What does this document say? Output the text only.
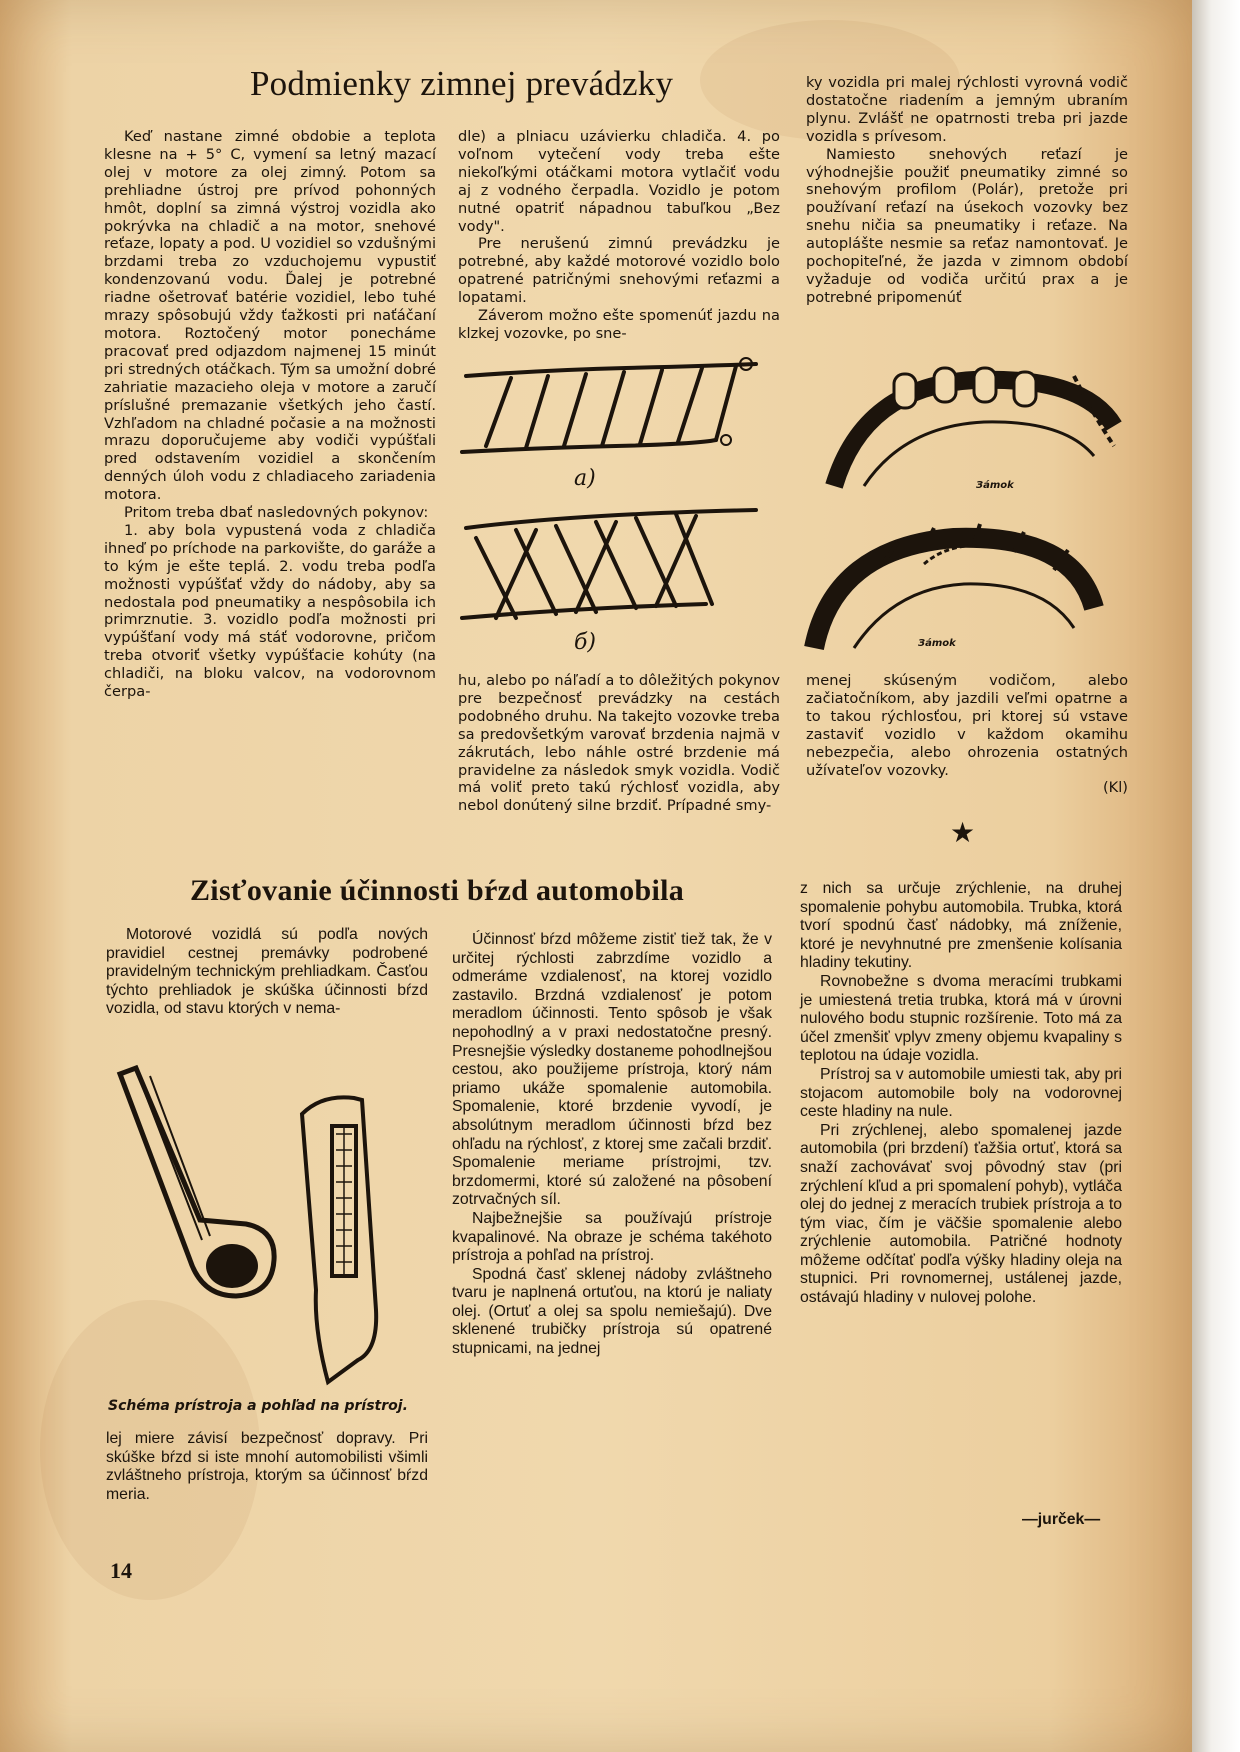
Podmienky zimnej prevádzky
Keď nastane zimné obdobie a teplota klesne na + 5° C, vymení sa letný mazací olej v motore za olej zimný. Potom sa prehliadne ústroj pre prívod pohonných hmôt, doplní sa zimná výstroj vozidla ako pokrývka na chladič a na motor, snehové reťaze, lopaty a pod. U vozidiel so vzdušnými brzdami treba zo vzduchojemu vypustiť kondenzovanú vodu. Ďalej je potrebné riadne ošetrovať batérie vozidiel, lebo tuhé mrazy spôsobujú vždy ťažkosti pri naťáčaní motora. Roztočený motor ponecháme pracovať pred odjazdom najmenej 15 minút pri stredných otáčkach. Tým sa umožní dobré zahriatie mazacieho oleja v motore a zaručí príslušné premazanie všetkých jeho častí. Vzhľadom na chladné počasie a na možnosti mrazu doporučujeme aby vodiči vypúšťali pred odstavením vozidiel a skončením denných úloh vodu z chladiaceho zariadenia motora.
Pritom treba dbať nasledovných pokynov:
1. aby bola vypustená voda z chladiča ihneď po príchode na parkovište, do garáže a to kým je ešte teplá. 2. vodu treba podľa možnosti vypúšťať vždy do nádoby, aby sa nedostala pod pneumatiky a nespôsobila ich primrznutie. 3. vozidlo podľa možnosti pri vypúšťaní vody má stáť vodorovne, pričom treba otvoriť všetky vypúšťacie kohúty (na chladiči, na bloku valcov, na vodorovnom čerpa-
dle) a plniacu uzávierku chladiča. 4. po voľnom vytečení vody treba ešte niekoľkými otáčkami motora vytlačiť vodu aj z vodného čerpadla. Vozidlo je potom nutné opatriť nápadnou tabuľkou „Bez vody".
Pre nerušenú zimnú prevádzku je potrebné, aby každé motorové vozidlo bolo opatrené patričnými snehovými reťazmi a lopatami.
Záverom možno ešte spomenúť jazdu na klzkej vozovke, po sne-
ky vozidla pri malej rýchlosti vyrovná vodič dostatočne riadením a jemným ubraním plynu. Zvlášť ne opatrnosti treba pri jazde vozidla s prívesom.
Namiesto snehových reťazí je výhodnejšie použiť pneumatiky zimné so snehovým profilom (Polár), pretože pri používaní reťazí na úsekoch vozovky bez snehu ničia sa pneumatiky i reťaze. Na autoplášte nesmie sa reťaz namontovať. Je pochopiteľné, že jazda v zimnom období vyžaduje od vodiča určitú prax a je potrebné pripomenúť
a)
б)
Зámok
Зámok
hu, alebo po náľadí a to dôležitých pokynov pre bezpečnosť prevádzky na cestách podobného druhu. Na takejto vozovke treba sa predovšetkým varovať brzdenia najmä v zákrutách, lebo náhle ostré brzdenie má pravidelne za následok smyk vozidla. Vodič má voliť preto takú rýchlosť vozidla, aby nebol donútený silne brzdiť. Prípadné smy-
menej skúseným vodičom, alebo začiatočníkom, aby jazdili veľmi opatrne a to takou rýchlosťou, pri ktorej sú vstave zastaviť vozidlo v každom okamihu nebezpečia, alebo ohrozenia ostatných užívateľov vozovky.
(Kl)
★
Zisťovanie účinnosti bŕzd automobila
Motorové vozidlá sú podľa nových pravidiel cestnej premávky podrobené pravidelným technickým prehliadkam. Časťou týchto prehliadok je skúška účinnosti bŕzd vozidla, od stavu ktorých v nema-
Schéma prístroja a pohľad na prístroj.
lej miere závisí bezpečnosť dopravy. Pri skúške bŕzd si iste mnohí automobilisti všimli zvláštneho prístroja, ktorým sa účinnosť bŕzd meria.
Účinnosť bŕzd môžeme zistiť tiež tak, že v určitej rýchlosti zabrzdíme vozidlo a odmeráme vzdialenosť, na ktorej vozidlo zastavilo. Brzdná vzdialenosť je potom meradlom účinnosti. Tento spôsob je však nepohodlný a v praxi nedostatočne presný. Presnejšie výsledky dostaneme pohodlnejšou cestou, ako použijeme prístroja, ktorý nám priamo ukáže spomalenie automobila. Spomalenie, ktoré brzdenie vyvodí, je absolútnym meradlom účinnosti bŕzd bez ohľadu na rýchlosť, z ktorej sme začali brzdiť. Spomalenie meriame prístrojmi, tzv. brzdomermi, ktoré sú založené na pôsobení zotrvačných síl.
Najbežnejšie sa používajú prístroje kvapalinové. Na obraze je schéma takéhoto prístroja a pohľad na prístroj.
Spodná časť sklenej nádoby zvláštneho tvaru je naplnená ortuťou, na ktorú je naliaty olej. (Ortuť a olej sa spolu nemiešajú). Dve sklenené trubičky prístroja sú opatrené stupnicami, na jednej
z nich sa určuje zrýchlenie, na druhej spomalenie pohybu automobila. Trubka, ktorá tvorí spodnú časť nádobky, má zníženie, ktoré je nevyhnutné pre zmenšenie kolísania hladiny tekutiny.
Rovnobežne s dvoma meracími trubkami je umiestená tretia trubka, ktorá má v úrovni nulového bodu stupnic rozšírenie. Toto má za účel zmenšiť vplyv zmeny objemu kvapaliny s teplotou na údaje vozidla.
Prístroj sa v automobile umiesti tak, aby pri stojacom automobile boly na vodorovnej ceste hladiny na nule.
Pri zrýchlenej, alebo spomalenej jazde automobila (pri brzdení) ťažšia ortuť, ktorá sa snaží zachovávať svoj pôvodný stav (pri zrýchlení kľud a pri spomalení pohyb), vytláča olej do jednej z meracích trubiek prístroja a to tým viac, čím je väčšie spomalenie alebo zrýchlenie automobila. Patričné hodnoty môžeme odčítať podľa výšky hladiny oleja na stupnici. Pri rovnomernej, ustálenej jazde, ostávajú hladiny v nulovej polohe.
—jurček—
14
